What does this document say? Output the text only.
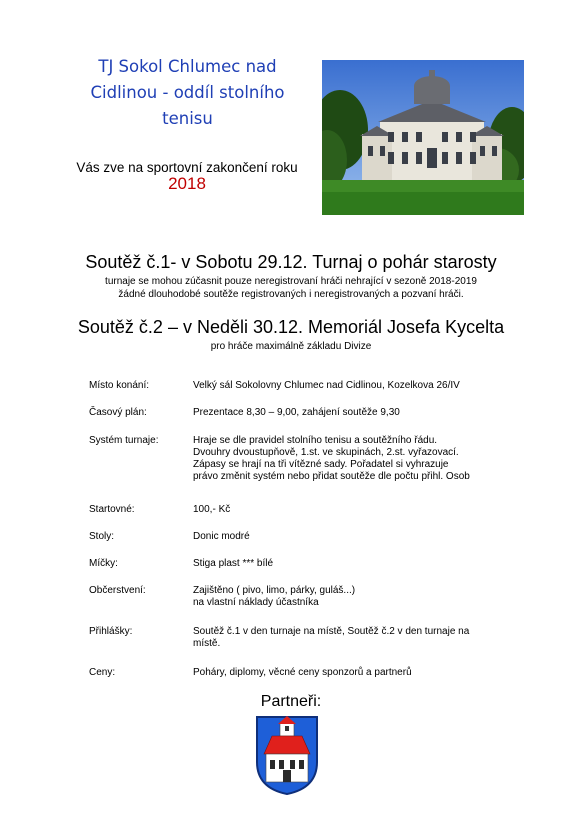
TJ Sokol Chlumec nad
Cidlinou - oddíl stolního
tenisu
Vás zve na sportovní zakončení roku
2018
Soutěž č.1- v Sobotu 29.12. Turnaj o pohár starosty
turnaje se mohou zúčasnit pouze neregistrovaní hráči nehrající v sezoně 2018-2019
žádné dlouhodobé soutěže registrovaných i neregistrovaných a pozvaní hráči.
Soutěž č.2 – v Neděli 30.12. Memoriál Josefa Kycelta
pro hráče maximálně základu Divize
Místo konání:	Velký sál Sokolovny Chlumec nad Cidlinou, Kozelkova 26/IV
Časový plán:	Prezentace 8,30 – 9,00, zahájení soutěže 9,30
Systém turnaje:	Hraje se dle pravidel stolního tenisu a soutěžního řádu.
Dvouhry dvoustupňově, 1.st. ve skupinách, 2.st. vyřazovací.
Zápasy se hrají na tři vítězné sady. Pořadatel si vyhrazuje
právo změnit systém nebo přidat soutěže dle počtu přihl. Osob
Startovné:	100,- Kč
Stoly:	Donic modré
Míčky:	Stiga plast *** bílé
Občerstvení:	Zajištěno ( pivo, limo, párky, guláš...)
na vlastní náklady účastníka
Přihlášky:	Soutěž č.1 v den turnaje na místě, Soutěž č.2 v den turnaje na
místě.
Ceny:	Poháry, diplomy, věcné ceny sponzorů a partnerů
Partneři:
